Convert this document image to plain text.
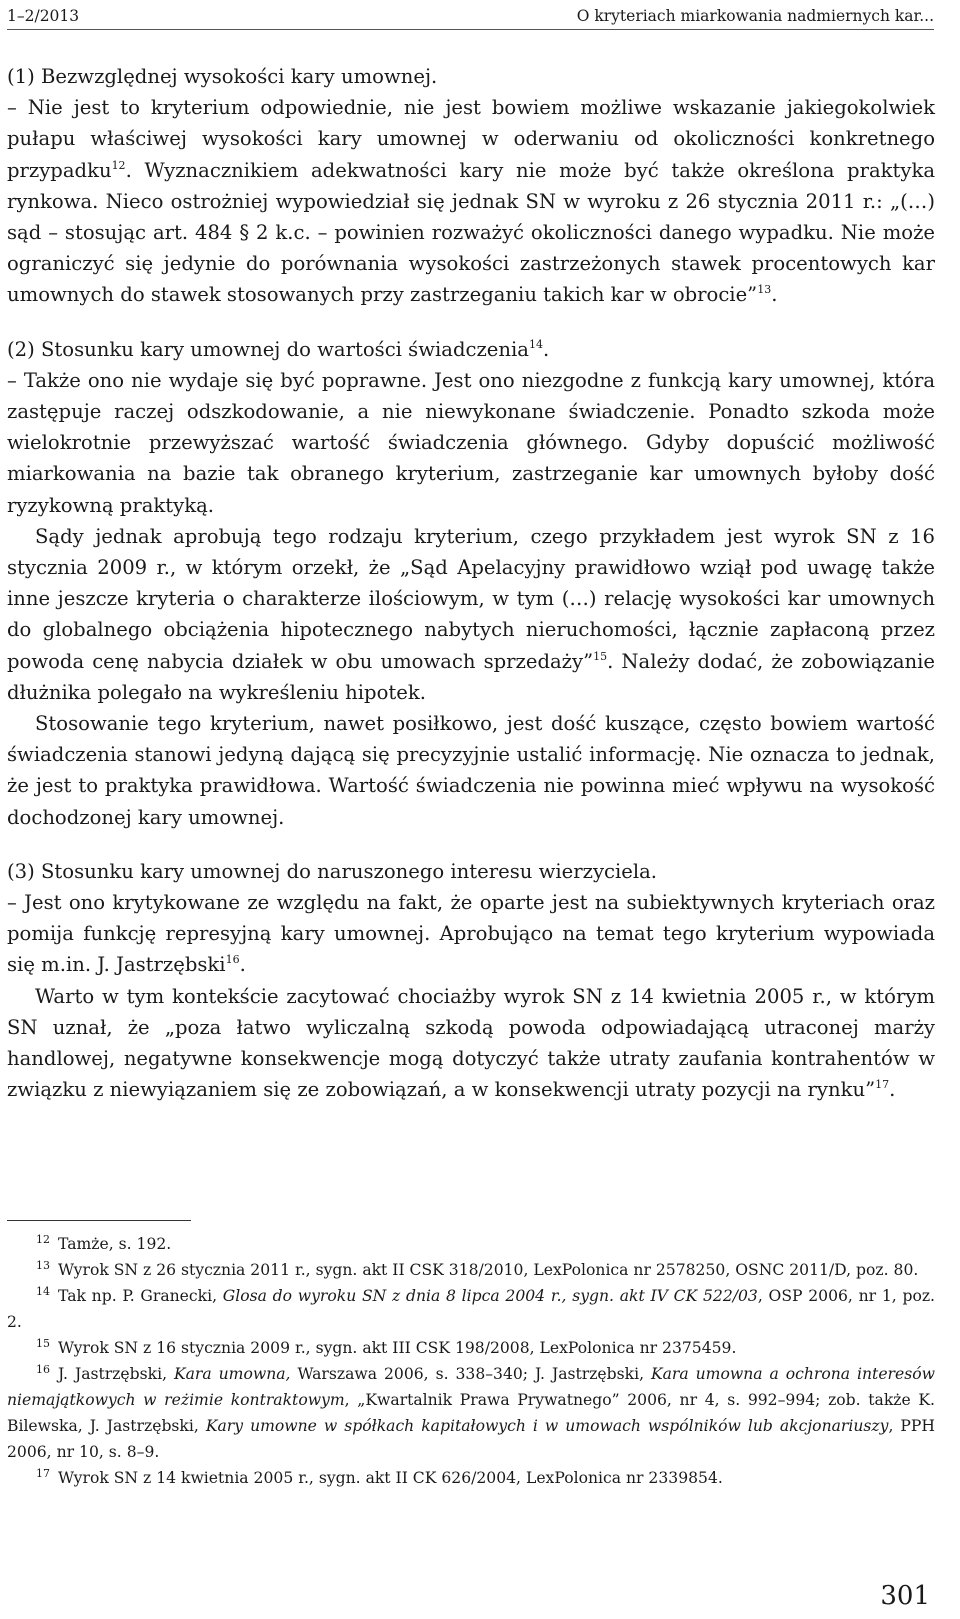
1–2/2013	O kryteriach miarkowania nadmiernych kar...

(1) Bezwzględnej wysokości kary umownej.

– Nie jest to kryterium odpowiednie, nie jest bowiem możliwe wskazanie jakiegokolwiek pułapu właściwej wysokości kary umownej w oderwaniu od okoliczności konkretnego przypadku$^{12}$. Wyznacznikiem adekwatności kary nie może być także określona praktyka rynkowa. Nieco ostrożniej wypowiedział się jednak SN w wyroku z 26 stycznia 2011 r.: „(…) sąd – stosując art. 484 § 2 k.c. – powinien rozważyć okoliczności danego wypadku. Nie może ograniczyć się jedynie do porównania wysokości zastrzeżonych stawek procentowych kar umownych do stawek stosowanych przy zastrzeganiu takich kar w obrocie”$^{13}$.

(2) Stosunku kary umownej do wartości świadczenia$^{14}$.

– Także ono nie wydaje się być poprawne. Jest ono niezgodne z funkcją kary umownej, która zastępuje raczej odszkodowanie, a nie niewykonane świadczenie. Ponadto szkoda może wielokrotnie przewyższać wartość świadczenia głównego. Gdyby dopuścić możliwość miarkowania na bazie tak obranego kryterium, zastrzeganie kar umownych byłoby dość ryzykowną praktyką.

Sądy jednak aprobują tego rodzaju kryterium, czego przykładem jest wyrok SN z 16 stycznia 2009 r., w którym orzekł, że „Sąd Apelacyjny prawidłowo wziął pod uwagę także inne jeszcze kryteria o charakterze ilościowym, w tym (…) relację wysokości kar umownych do globalnego obciążenia hipotecznego nabytych nieruchomości, łącznie zapłaconą przez powoda cenę nabycia działek w obu umowach sprzedaży”$^{15}$. Należy dodać, że zobowiązanie dłużnika polegało na wykreśleniu hipotek.

Stosowanie tego kryterium, nawet posiłkowo, jest dość kuszące, często bowiem wartość świadczenia stanowi jedyną dającą się precyzyjnie ustalić informację. Nie oznacza to jednak, że jest to praktyka prawidłowa. Wartość świadczenia nie powinna mieć wpływu na wysokość dochodzonej kary umownej.

(3) Stosunku kary umownej do naruszonego interesu wierzyciela.

– Jest ono krytykowane ze względu na fakt, że oparte jest na subiektywnych kryteriach oraz pomija funkcję represyjną kary umownej. Aprobująco na temat tego kryterium wypowiada się m.in. J. Jastrzębski$^{16}$.

Warto w tym kontekście zacytować chociażby wyrok SN z 14 kwietnia 2005 r., w którym SN uznał, że „poza łatwo wyliczalną szkodą powoda odpowiadającą utraconej marży handlowej, negatywne konsekwencje mogą dotyczyć także utraty zaufania kontrahentów w związku z niewyiązaniem się ze zobowiązań, a w konsekwencji utraty pozycji na rynku”$^{17}$.

$^{12}$ Tamże, s. 192.

$^{13}$ Wyrok SN z 26 stycznia 2011 r., sygn. akt II CSK 318/2010, LexPolonica nr 2578250, OSNC 2011/D, poz. 80.

$^{14}$ Tak np. P. Granecki, Glosa do wyroku SN z dnia 8 lipca 2004 r., sygn. akt IV CK 522/03, OSP 2006, nr 1, poz. 2.

$^{15}$ Wyrok SN z 16 stycznia 2009 r., sygn. akt III CSK 198/2008, LexPolonica nr 2375459.

$^{16}$ J. Jastrzębski, Kara umowna, Warszawa 2006, s. 338–340; J. Jastrzębski, Kara umowna a ochrona interesów niemajątkowych w reżimie kontraktowym, „Kwartalnik Prawa Prywatnego” 2006, nr 4, s. 992–994; zob. także K. Bilewska, J. Jastrzębski, Kary umowne w spółkach kapitałowych i w umowach wspólników lub akcjonariuszy, PPH 2006, nr 10, s. 8–9.

$^{17}$ Wyrok SN z 14 kwietnia 2005 r., sygn. akt II CK 626/2004, LexPolonica nr 2339854.

301
